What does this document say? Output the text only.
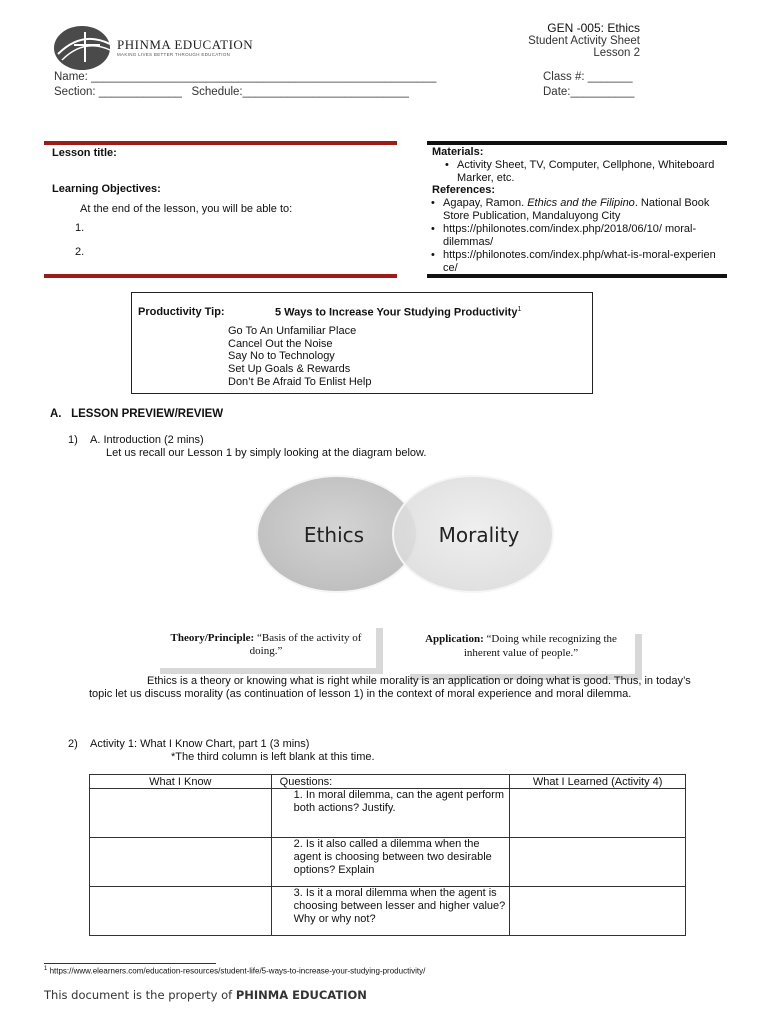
PHINMA EDUCATION
MAKING LIVES BETTER THROUGH EDUCATION
GEN -005: Ethics
Student Activity Sheet
Lesson 2
Name: ______________________________________________________
Section: _____________   Schedule:__________________________
Class #: _______
Date:__________
Lesson title:
Learning Objectives:
At the end of the lesson, you will be able to:
1.
2.
Materials:
• Activity Sheet, TV, Computer, Cellphone, Whiteboard Marker, etc.
References:
• Agapay, Ramon. Ethics and the Filipino. National Book Store Publication, Mandaluyong City
• https://philonotes.com/index.php/2018/06/10/ moral-dilemmas/
• https://philonotes.com/index.php/what-is-moral-experience/
Productivity Tip:	5 Ways to Increase Your Studying Productivity$^1$
Go To An Unfamiliar Place
Cancel Out the Noise
Say No to Technology
Set Up Goals & Rewards
Don’t Be Afraid To Enlist Help
A.   LESSON PREVIEW/REVIEW
1) A. Introduction (2 mins)
Let us recall our Lesson 1 by simply looking at the diagram below.
Ethics	Morality
Theory/Principle: “Basis of the activity of doing.”
Application: “Doing while recognizing the inherent value of people.”
Ethics is a theory or knowing what is right while morality is an application or doing what is good. Thus, in today’s topic let us discuss morality (as continuation of lesson 1) in the context of moral experience and moral dilemma.
2) Activity 1: What I Know Chart, part 1 (3 mins)
*The third column is left blank at this time.
What I Know	Questions:	What I Learned (Activity 4)
	1. In moral dilemma, can the agent perform both actions? Justify.	
	2. Is it also called a dilemma when the agent is choosing between two desirable options? Explain	
	3. Is it a moral dilemma when the agent is choosing between lesser and higher value? Why or why not?	
$^1$ https://www.elearners.com/education-resources/student-life/5-ways-to-increase-your-studying-productivity/
This document is the property of PHINMA EDUCATION
